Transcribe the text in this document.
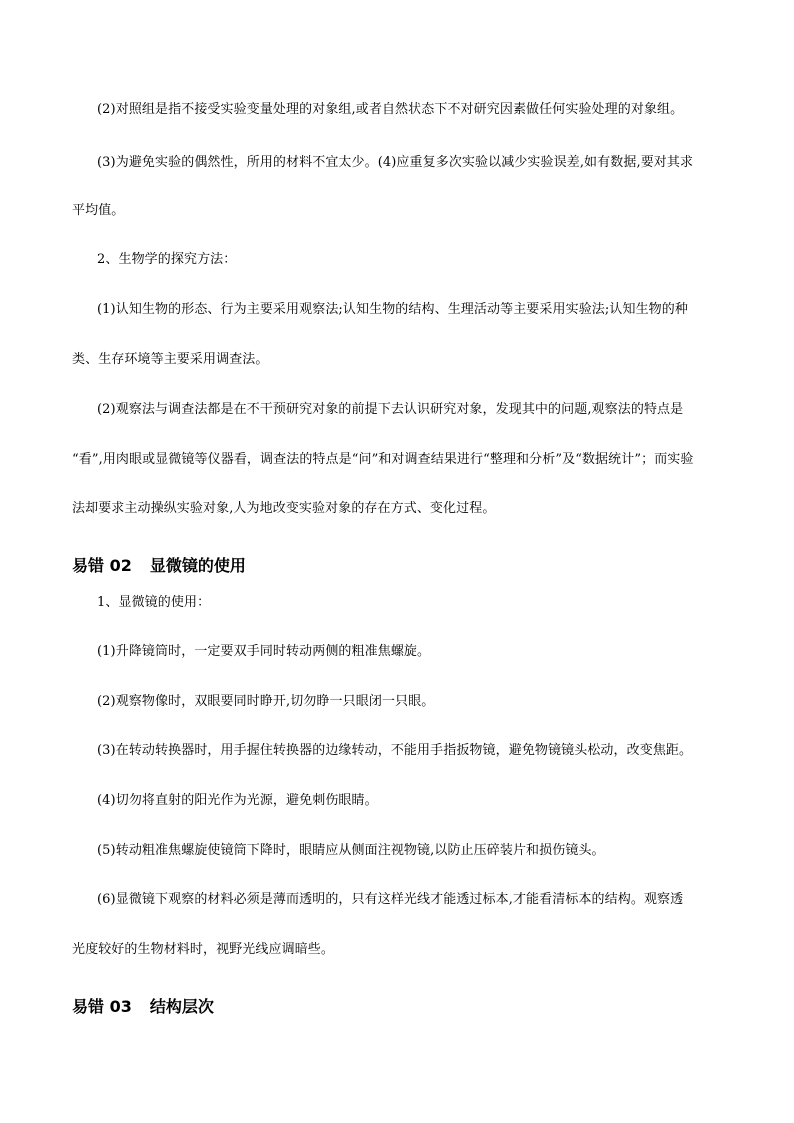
(2)对照组是指不接受实验变量处理的对象组,或者自然状态下不对研究因素做任何实验处理的对象组。
(3)为避免实验的偶然性，所用的材料不宜太少。(4)应重复多次实验以减少实验误差,如有数据,要对其求
平均值。
2、生物学的探究方法：
(1)认知生物的形态、行为主要采用观察法;认知生物的结构、生理活动等主要采用实验法;认知生物的种
类、生存环境等主要采用调查法。
(2)观察法与调查法都是在不干预研究对象的前提下去认识研究对象，发现其中的问题,观察法的特点是
“看”,用肉眼或显微镜等仪器看，调查法的特点是“问”和对调查结果进行“整理和分析”及“数据统计”；而实验
法却要求主动操纵实验对象,人为地改变实验对象的存在方式、变化过程。
易错 02 显微镜的使用
1、显微镜的使用：
(1)升降镜筒时，一定要双手同时转动两侧的粗准焦螺旋。
(2)观察物像时，双眼要同时睁开,切勿睁一只眼闭一只眼。
(3)在转动转换器时，用手握住转换器的边缘转动，不能用手指扳物镜，避免物镜镜头松动，改变焦距。
(4)切勿将直射的阳光作为光源，避免刺伤眼睛。
(5)转动粗准焦螺旋使镜筒下降时，眼睛应从侧面注视物镜,以防止压碎装片和损伤镜头。
(6)显微镜下观察的材料必须是薄而透明的，只有这样光线才能透过标本,才能看清标本的结构。观察透
光度较好的生物材料时，视野光线应调暗些。
易错 03 结构层次
